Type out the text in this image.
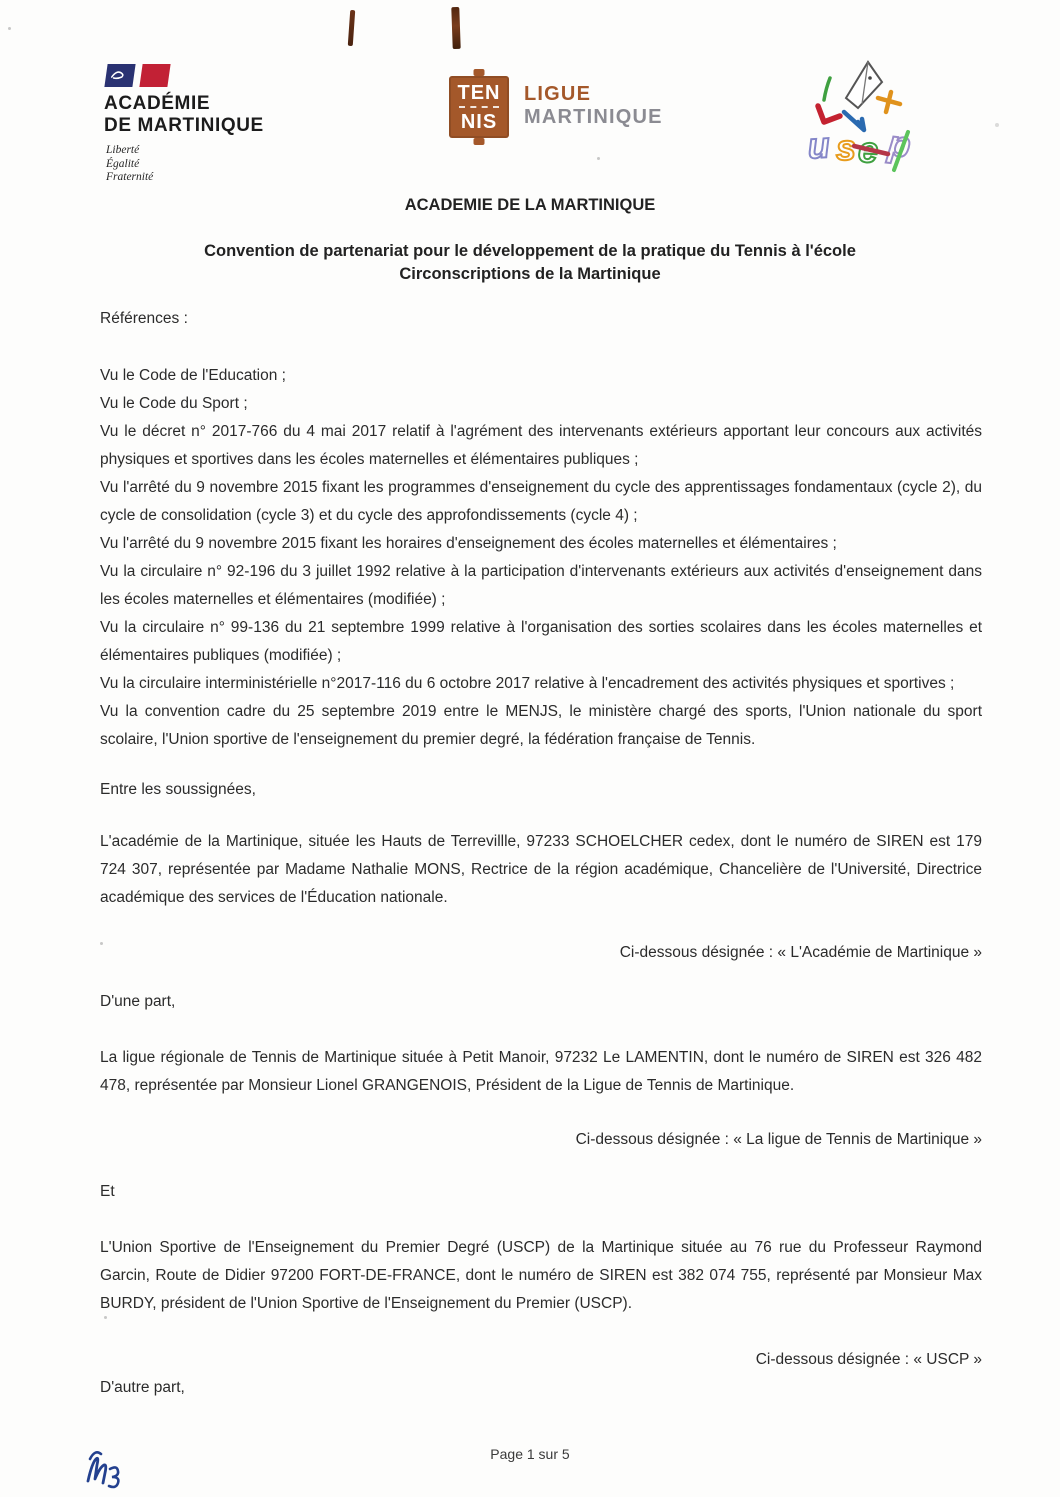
ACADÉMIE
DE MARTINIQUE
Liberté
Égalité
Fraternité
TEN
NIS
LIGUE
MARTINIQUE
u s e p
ACADEMIE DE LA MARTINIQUE
Convention de partenariat pour le développement de la pratique du Tennis à l'école
Circonscriptions de la Martinique

Références :

Vu le Code de l'Education ;

Vu le Code du Sport ;

Vu le décret n° 2017-766 du 4 mai 2017 relatif à l'agrément des intervenants extérieurs apportant leur concours aux activités physiques et sportives dans les écoles maternelles et élémentaires publiques ;

Vu l'arrêté du 9 novembre 2015 fixant les programmes d'enseignement du cycle des apprentissages fondamentaux (cycle 2), du cycle de consolidation (cycle 3) et du cycle des approfondissements (cycle 4) ;

Vu l'arrêté du 9 novembre 2015 fixant les horaires d'enseignement des écoles maternelles et élémentaires ;

Vu la circulaire n° 92-196 du 3 juillet 1992 relative à la participation d'intervenants extérieurs aux activités d'enseignement dans les écoles maternelles et élémentaires (modifiée) ;

Vu la circulaire n° 99-136 du 21 septembre 1999 relative à l'organisation des sorties scolaires dans les écoles maternelles et élémentaires publiques (modifiée) ;

Vu la circulaire interministérielle n°2017-116 du 6 octobre 2017 relative à l'encadrement des activités physiques et sportives ;

Vu la convention cadre du 25 septembre 2019 entre le MENJS, le ministère chargé des sports, l'Union nationale du sport scolaire, l'Union sportive de l'enseignement du premier degré, la fédération française de Tennis.

Entre les soussignées,

L'académie de la Martinique, située les Hauts de Terrevillle, 97233 SCHOELCHER cedex, dont le numéro de SIREN est 179 724 307, représentée par Madame Nathalie MONS, Rectrice de la région académique, Chancelière de l'Université, Directrice académique des services de l'Éducation nationale.

Ci-dessous désignée : « L'Académie de Martinique »

D'une part,

La ligue régionale de Tennis de Martinique située à Petit Manoir, 97232 Le LAMENTIN, dont le numéro de SIREN est 326 482 478, représentée par Monsieur Lionel GRANGENOIS, Président de la Ligue de Tennis de Martinique.

Ci-dessous désignée : « La ligue de Tennis de Martinique »

Et

L'Union Sportive de l'Enseignement du Premier Degré (USCP) de la Martinique située au 76 rue du Professeur Raymond Garcin, Route de Didier 97200 FORT-DE-FRANCE, dont le numéro de SIREN est 382 074 755, représenté par Monsieur Max BURDY, président de l'Union Sportive de l'Enseignement du Premier (USCP).

Ci-dessous désignée : « USCP »

D'autre part,

Page 1 sur 5
